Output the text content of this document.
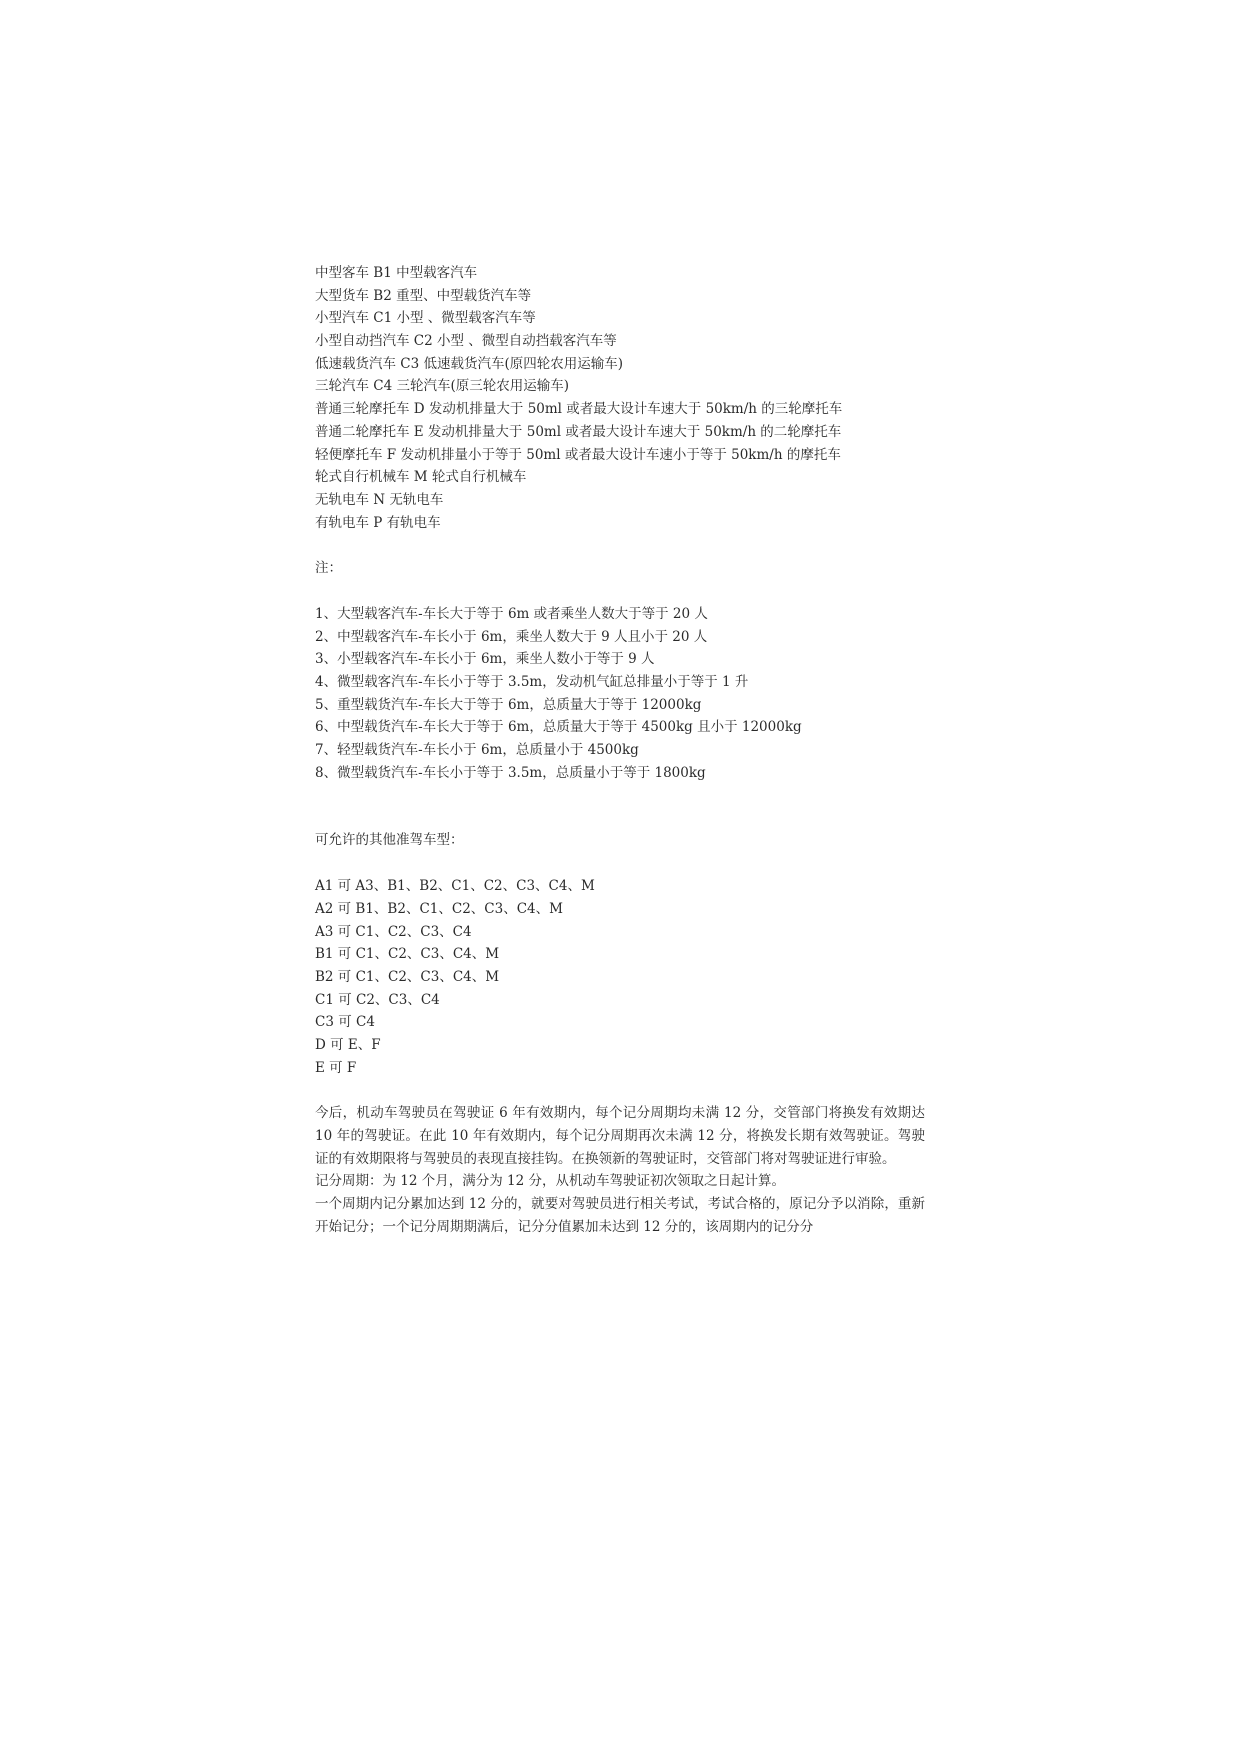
中型客车 B1 中型载客汽车
大型货车 B2 重型、中型载货汽车等
小型汽车 C1 小型 、微型载客汽车等
小型自动挡汽车 C2 小型 、微型自动挡载客汽车等
低速载货汽车 C3 低速载货汽车(原四轮农用运输车)
三轮汽车 C4 三轮汽车(原三轮农用运输车)
普通三轮摩托车 D 发动机排量大于 50ml 或者最大设计车速大于 50km/h 的三轮摩托车
普通二轮摩托车 E 发动机排量大于 50ml 或者最大设计车速大于 50km/h 的二轮摩托车
轻便摩托车 F 发动机排量小于等于 50ml 或者最大设计车速小于等于 50km/h 的摩托车
轮式自行机械车 M 轮式自行机械车
无轨电车 N 无轨电车
有轨电车 P 有轨电车
注：
1、大型载客汽车-车长大于等于 6m 或者乘坐人数大于等于 20 人
2、中型载客汽车-车长小于 6m，乘坐人数大于 9 人且小于 20 人
3、小型载客汽车-车长小于 6m，乘坐人数小于等于 9 人
4、微型载客汽车-车长小于等于 3.5m，发动机气缸总排量小于等于 1 升
5、重型载货汽车-车长大于等于 6m，总质量大于等于 12000kg
6、中型载货汽车-车长大于等于 6m，总质量大于等于 4500kg 且小于 12000kg
7、轻型载货汽车-车长小于 6m，总质量小于 4500kg
8、微型载货汽车-车长小于等于 3.5m，总质量小于等于 1800kg
可允许的其他准驾车型：
A1 可 A3、B1、B2、C1、C2、C3、C4、M
A2 可 B1、B2、C1、C2、C3、C4、M
A3 可 C1、C2、C3、C4
B1 可 C1、C2、C3、C4、M
B2 可 C1、C2、C3、C4、M
C1 可 C2、C3、C4
C3 可 C4
D 可 E、F
E 可 F
今后，机动车驾驶员在驾驶证 6 年有效期内，每个记分周期均未满 12 分，交管部门将换发有效期达 10 年的驾驶证。在此 10 年有效期内，每个记分周期再次未满 12 分，将换发长期有效驾驶证。驾驶证的有效期限将与驾驶员的表现直接挂钩。在换领新的驾驶证时，交管部门将对驾驶证进行审验。
记分周期：为 12 个月，满分为 12 分，从机动车驾驶证初次领取之日起计算。
一个周期内记分累加达到 12 分的，就要对驾驶员进行相关考试，考试合格的，原记分予以消除，重新开始记分；一个记分周期期满后，记分分值累加未达到 12 分的，该周期内的记分分
